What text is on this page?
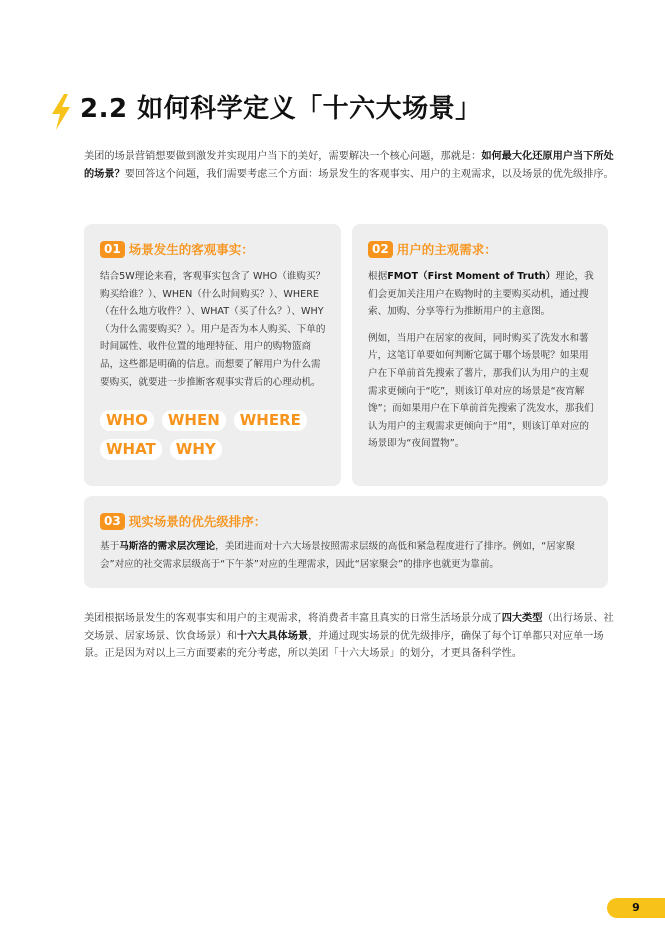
2.2 如何科学定义「十六大场景」
美团的场景营销想要做到激发并实现用户当下的美好，需要解决一个核心问题，那就是：如何最大化还原用户当下所处的场景？要回答这个问题，我们需要考虑三个方面：场景发生的客观事实、用户的主观需求，以及场景的优先级排序。
01 场景发生的客观事实：
结合5W理论来看，客观事实包含了 WHO（谁购买？购买给谁？）、WHEN（什么时间购买？）、WHERE（在什么地方收件？）、WHAT（买了什么？）、WHY（为什么需要购买？）。用户是否为本人购买、下单的时间属性、收件位置的地理特征、用户的购物篮商品，这些都是明确的信息。而想要了解用户为什么需要购买，就要进一步推断客观事实背后的心理动机。
WHO	WHEN	WHERE
WHAT	WHY
02 用户的主观需求：

根据FMOT（First Moment of Truth）理论，我们会更加关注用户在购物时的主要购买动机，通过搜索、加购、分享等行为推断用户的主意图。

例如，当用户在居家的夜间，同时购买了洗发水和薯片，这笔订单要如何判断它属于哪个场景呢？如果用户在下单前首先搜索了薯片，那我们认为用户的主观需求更倾向于“吃”，则该订单对应的场景是“夜宵解馋”；而如果用户在下单前首先搜索了洗发水，那我们认为用户的主观需求更倾向于“用”，则该订单对应的场景即为“夜间置物”。

03 现实场景的优先级排序：
基于马斯洛的需求层次理论，美团进而对十六大场景按照需求层级的高低和紧急程度进行了排序。例如，“居家聚会”对应的社交需求层级高于“下午茶”对应的生理需求，因此“居家聚会”的排序也就更为靠前。
美团根据场景发生的客观事实和用户的主观需求，将消费者丰富且真实的日常生活场景分成了四大类型（出行场景、社交场景、居家场景、饮食场景）和十六大具体场景，并通过现实场景的优先级排序，确保了每个订单都只对应单一场景。正是因为对以上三方面要素的充分考虑，所以美团「十六大场景」的划分，才更具备科学性。
9
